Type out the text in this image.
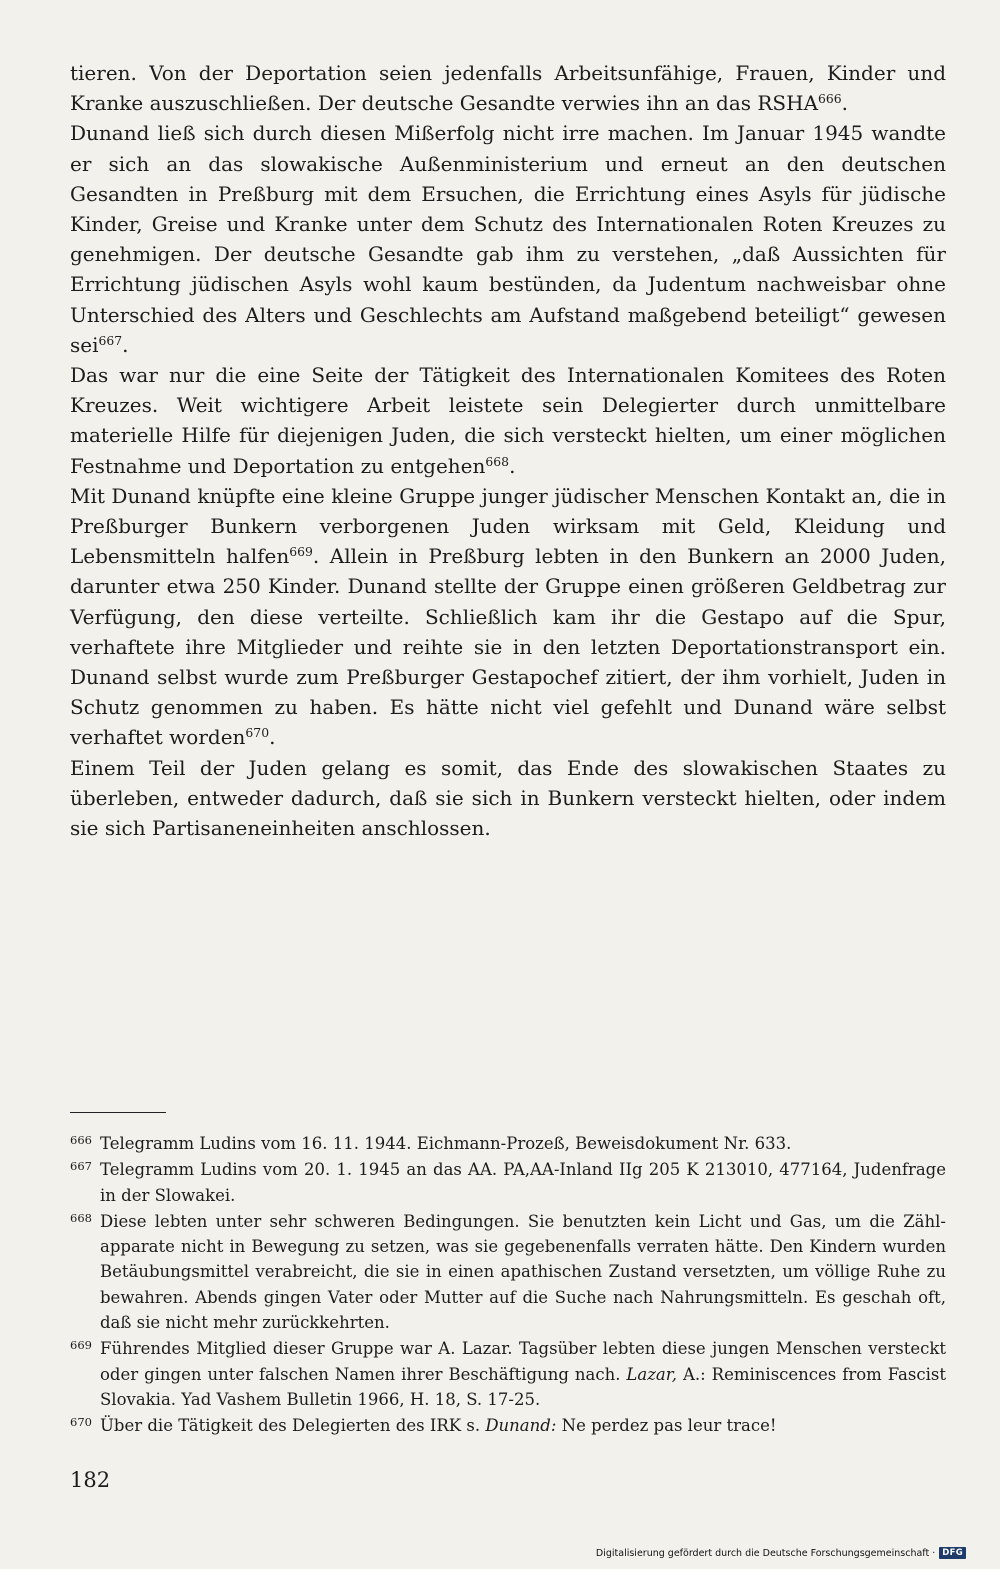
tieren. Von der Deportation seien jedenfalls Arbeitsunfähige, Frauen, Kinder und Kranke auszuschließen. Der deutsche Gesandte verwies ihn an das RSHA$^{666}$.

Dunand ließ sich durch diesen Mißerfolg nicht irre machen. Im Januar 1945 wandte er sich an das slowakische Außenministerium und erneut an den deutschen Gesandten in Preßburg mit dem Ersuchen, die Errichtung eines Asyls für jüdische Kinder, Greise und Kranke unter dem Schutz des Internationalen Roten Kreuzes zu genehmigen. Der deutsche Gesandte gab ihm zu verstehen, „daß Aussichten für Errichtung jüdischen Asyls wohl kaum bestünden, da Judentum nachweisbar ohne Unterschied des Alters und Geschlechts am Aufstand maßgebend beteiligt“ gewesen sei$^{667}$.

Das war nur die eine Seite der Tätigkeit des Internationalen Komitees des Roten Kreuzes. Weit wichtigere Arbeit leistete sein Delegierter durch unmittelbare materielle Hilfe für diejenigen Juden, die sich versteckt hielten, um einer möglichen Festnahme und Deportation zu entgehen$^{668}$.

Mit Dunand knüpfte eine kleine Gruppe junger jüdischer Menschen Kontakt an, die in Preßburger Bunkern verborgenen Juden wirksam mit Geld, Kleidung und Lebensmitteln halfen$^{669}$. Allein in Preßburg lebten in den Bunkern an 2000 Juden, darunter etwa 250 Kinder. Dunand stellte der Gruppe einen größeren Geldbetrag zur Verfügung, den diese verteilte. Schließlich kam ihr die Gestapo auf die Spur, verhaftete ihre Mitglieder und reihte sie in den letzten Deportationstransport ein. Dunand selbst wurde zum Preßburger Gestapochef zitiert, der ihm vorhielt, Juden in Schutz genommen zu haben. Es hätte nicht viel gefehlt und Dunand wäre selbst verhaftet worden$^{670}$.

Einem Teil der Juden gelang es somit, das Ende des slowakischen Staates zu überleben, entweder dadurch, daß sie sich in Bunkern versteckt hielten, oder indem sie sich Partisaneneinheiten anschlossen.

666 Telegramm Ludins vom 16. 11. 1944. Eichmann-Prozeß, Beweisdokument Nr. 633.

667 Telegramm Ludins vom 20. 1. 1945 an das AA. PA,AA-Inland IIg 205 K 213010, 477164, Judenfrage in der Slowakei.

668 Diese lebten unter sehr schweren Bedingungen. Sie benutzten kein Licht und Gas, um die Zählapparate nicht in Bewegung zu setzen, was sie gegebenenfalls verraten hätte. Den Kindern wurden Betäubungsmittel verabreicht, die sie in einen apathischen Zustand versetzten, um völlige Ruhe zu bewahren. Abends gingen Vater oder Mutter auf die Suche nach Nahrungsmitteln. Es geschah oft, daß sie nicht mehr zurückkehrten.

669 Führendes Mitglied dieser Gruppe war A. Lazar. Tagsüber lebten diese jungen Menschen versteckt oder gingen unter falschen Namen ihrer Beschäftigung nach. Lazar, A.: Reminiscences from Fascist Slovakia. Yad Vashem Bulletin 1966, H. 18, S. 17-25.

670 Über die Tätigkeit des Delegierten des IRK s. Dunand: Ne perdez pas leur trace!

182
Digitalisierung gefördert durch die Deutsche Forschungsgemeinschaft · DFG
